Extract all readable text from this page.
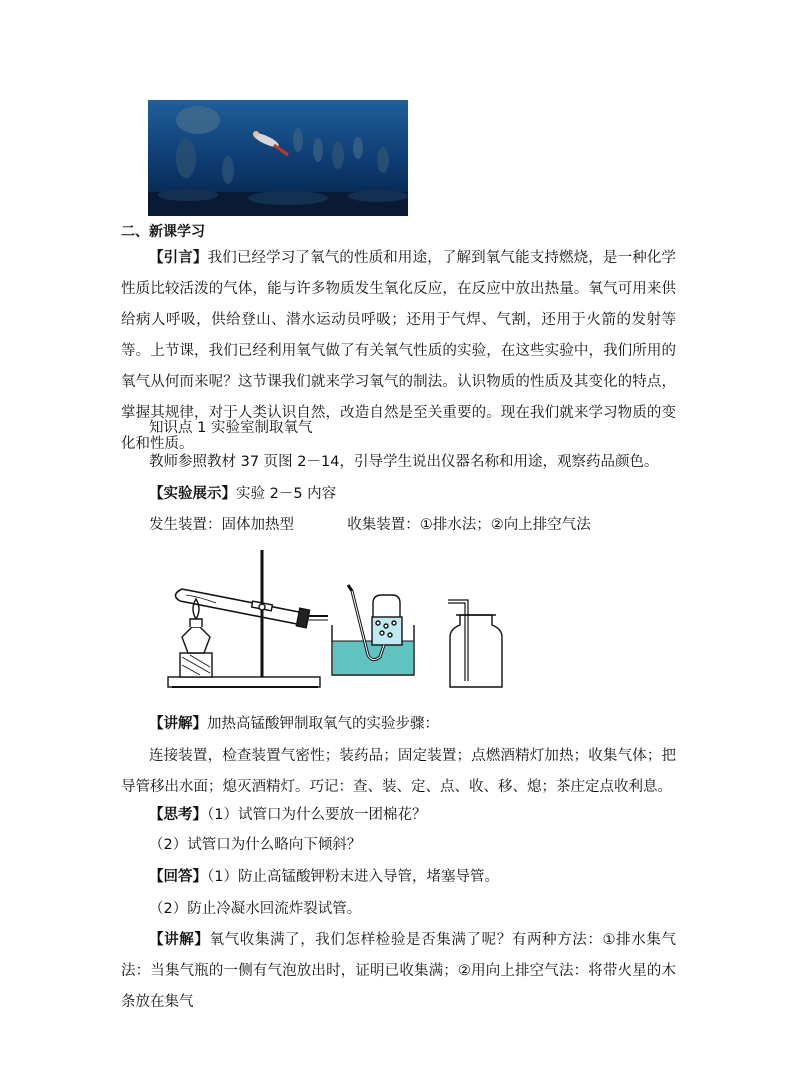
二、新课学习
【引言】我们已经学习了氧气的性质和用途，了解到氧气能支持燃烧，是一种化学性质比较活泼的气体，能与许多物质发生氧化反应，在反应中放出热量。氧气可用来供给病人呼吸，供给登山、潜水运动员呼吸；还用于气焊、气割，还用于火箭的发射等等。上节课，我们已经利用氧气做了有关氧气性质的实验，在这些实验中，我们所用的氧气从何而来呢？这节课我们就来学习氧气的制法。认识物质的性质及其变化的特点，掌握其规律，对于人类认识自然，改造自然是至关重要的。现在我们就来学习物质的变化和性质。
知识点 1 实验室制取氧气
教师参照教材 37 页图 2－14，引导学生说出仪器名称和用途，观察药品颜色。
【实验展示】实验 2－5 内容
发生装置：固体加热型	收集装置：①排水法；②向上排空气法
【讲解】加热高锰酸钾制取氧气的实验步骤：
连接装置，检查装置气密性；装药品；固定装置；点燃酒精灯加热；收集气体；把导管移出水面；熄灭酒精灯。巧记：查、装、定、点、收、移、熄；茶庄定点收利息。
【思考】（1）试管口为什么要放一团棉花？
（2）试管口为什么略向下倾斜？
【回答】（1）防止高锰酸钾粉末进入导管，堵塞导管。
（2）防止冷凝水回流炸裂试管。
【讲解】氧气收集满了，我们怎样检验是否集满了呢？有两种方法：①排水集气法：当集气瓶的一侧有气泡放出时，证明已收集满；②用向上排空气法：将带火星的木条放在集气
